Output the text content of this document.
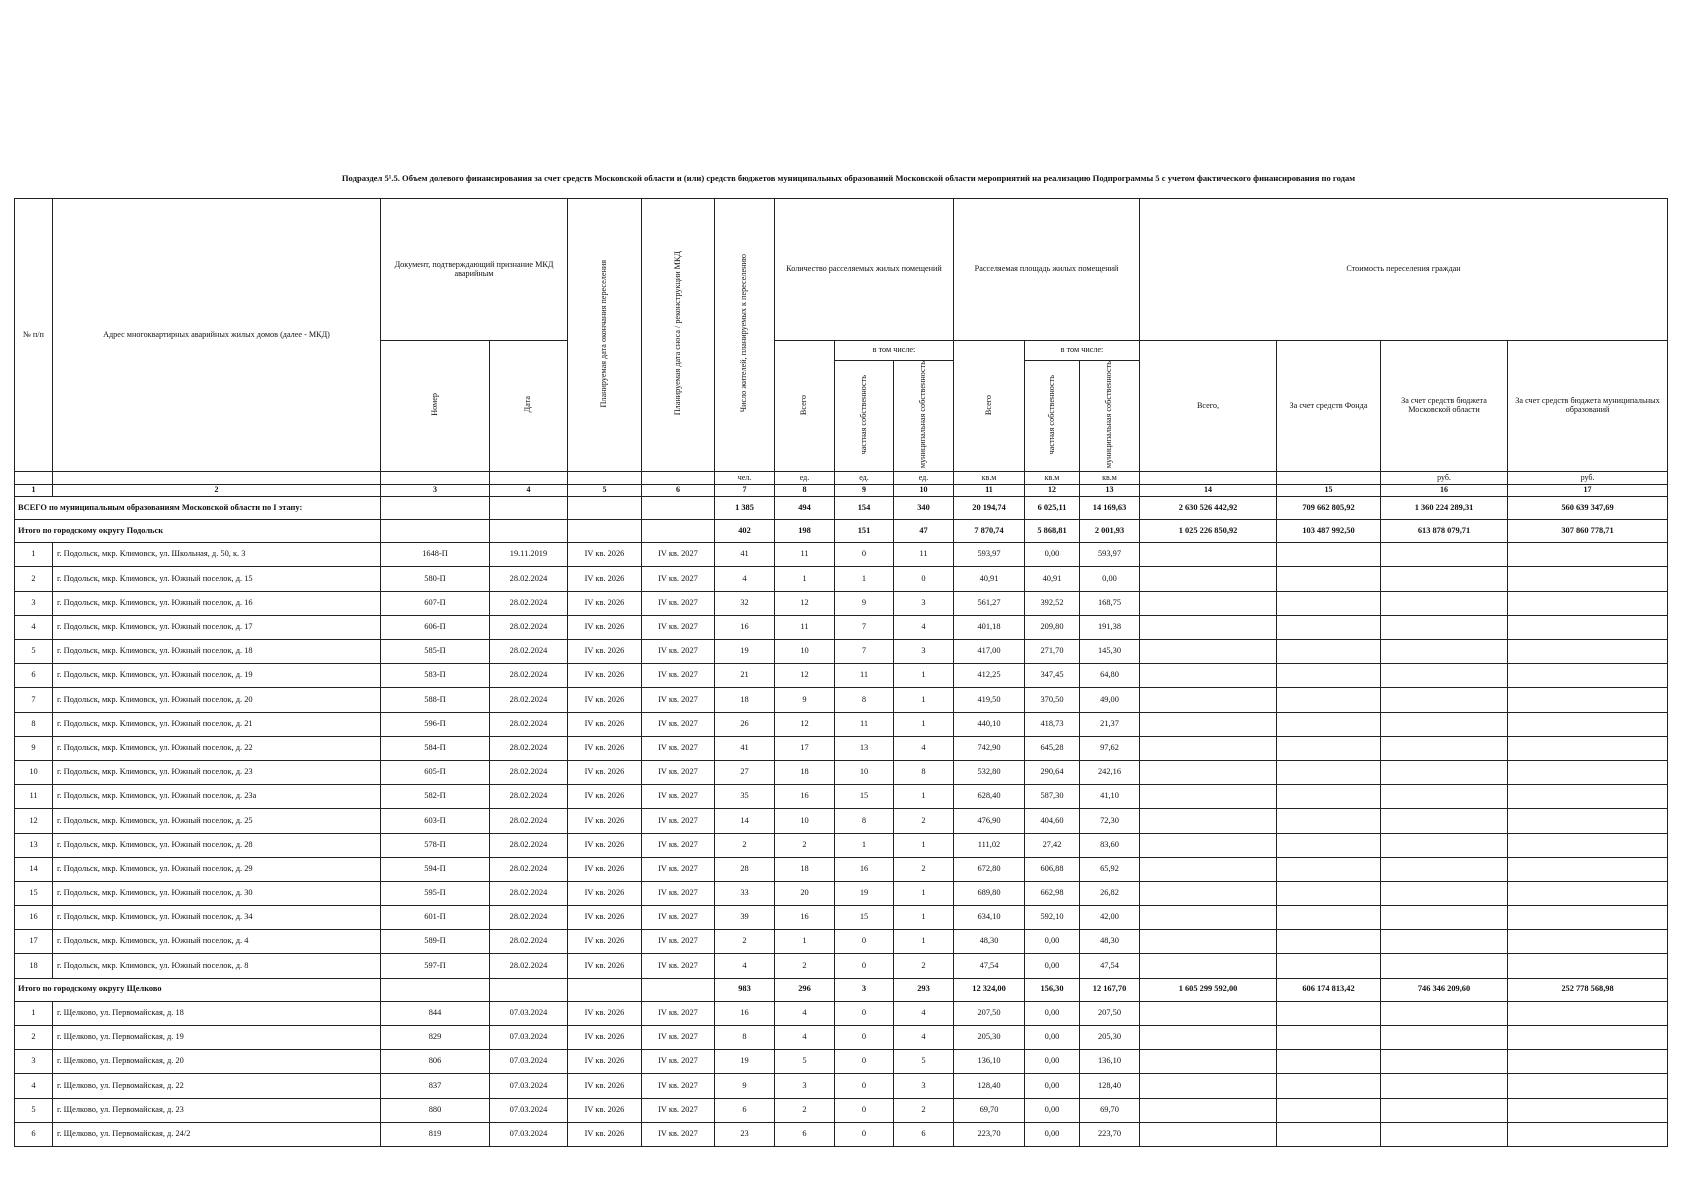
Подраздел 5¹.5. Объем долевого финансирования за счет средств Московской области и (или) средств бюджетов муниципальных образований Московской области мероприятий на реализацию Подпрограммы 5 с учетом фактического финансирования по годам
№ п/п	Адрес многоквартирных аварийных жилых домов (далее - МКД)	Документ, подтверждающий признание МКД аварийным		Планируемая дата окончания переселения	Планируемая дата сноса / реконструкции МКД	Число жителей, планируемых к переселению	Количество расселяемых жилых помещений			Расселяемая площадь жилых помещений			Стоимость переселения граждан			
		Номер	Дата				Всего	в том числе:		Всего	в том числе:		Всего,	За счет средств Фонда	За счет средств бюджета Московской области	За счет средств бюджета муниципальных образований
								частная собственность	муниципальная собственность		частная собственность	муниципальная собственность				
						чел.	ед.	ед.	ед.	кв.м	кв.м	кв.м			руб.	руб.
1	2	3	4	5	6	7	8	9	10	11	12	13	14	15	16	17
ВСЕГО по муниципальным образованиям Московской области по I этапу:						1 385	494	154	340	20 194,74	6 025,11	14 169,63	2 630 526 442,92	709 662 805,92	1 360 224 289,31	560 639 347,69
Итого по городскому округу Подольск						402	198	151	47	7 870,74	5 868,81	2 001,93	1 025 226 850,92	103 487 992,50	613 878 079,71	307 860 778,71
1	г. Подольск, мкр. Климовск, ул. Школьная, д. 50, к. 3	1648-П	19.11.2019	IV кв. 2026	IV кв. 2027	41	11	0	11	593,97	0,00	593,97				
2	г. Подольск, мкр. Климовск, ул. Южный поселок, д. 15	580-П	28.02.2024	IV кв. 2026	IV кв. 2027	4	1	1	0	40,91	40,91	0,00				
3	г. Подольск, мкр. Климовск, ул. Южный поселок, д. 16	607-П	28.02.2024	IV кв. 2026	IV кв. 2027	32	12	9	3	561,27	392,52	168,75				
4	г. Подольск, мкр. Климовск, ул. Южный поселок, д. 17	606-П	28.02.2024	IV кв. 2026	IV кв. 2027	16	11	7	4	401,18	209,80	191,38				
5	г. Подольск, мкр. Климовск, ул. Южный поселок, д. 18	585-П	28.02.2024	IV кв. 2026	IV кв. 2027	19	10	7	3	417,00	271,70	145,30				
6	г. Подольск, мкр. Климовск, ул. Южный поселок, д. 19	583-П	28.02.2024	IV кв. 2026	IV кв. 2027	21	12	11	1	412,25	347,45	64,80				
7	г. Подольск, мкр. Климовск, ул. Южный поселок, д. 20	588-П	28.02.2024	IV кв. 2026	IV кв. 2027	18	9	8	1	419,50	370,50	49,00				
8	г. Подольск, мкр. Климовск, ул. Южный поселок, д. 21	596-П	28.02.2024	IV кв. 2026	IV кв. 2027	26	12	11	1	440,10	418,73	21,37				
9	г. Подольск, мкр. Климовск, ул. Южный поселок, д. 22	584-П	28.02.2024	IV кв. 2026	IV кв. 2027	41	17	13	4	742,90	645,28	97,62				
10	г. Подольск, мкр. Климовск, ул. Южный поселок, д. 23	605-П	28.02.2024	IV кв. 2026	IV кв. 2027	27	18	10	8	532,80	290,64	242,16				
11	г. Подольск, мкр. Климовск, ул. Южный поселок, д. 23а	582-П	28.02.2024	IV кв. 2026	IV кв. 2027	35	16	15	1	628,40	587,30	41,10				
12	г. Подольск, мкр. Климовск, ул. Южный поселок, д. 25	603-П	28.02.2024	IV кв. 2026	IV кв. 2027	14	10	8	2	476,90	404,60	72,30				
13	г. Подольск, мкр. Климовск, ул. Южный поселок, д. 28	578-П	28.02.2024	IV кв. 2026	IV кв. 2027	2	2	1	1	111,02	27,42	83,60				
14	г. Подольск, мкр. Климовск, ул. Южный поселок, д. 29	594-П	28.02.2024	IV кв. 2026	IV кв. 2027	28	18	16	2	672,80	606,88	65,92				
15	г. Подольск, мкр. Климовск, ул. Южный поселок, д. 30	595-П	28.02.2024	IV кв. 2026	IV кв. 2027	33	20	19	1	689,80	662,98	26,82				
16	г. Подольск, мкр. Климовск, ул. Южный поселок, д. 34	601-П	28.02.2024	IV кв. 2026	IV кв. 2027	39	16	15	1	634,10	592,10	42,00				
17	г. Подольск, мкр. Климовск, ул. Южный поселок, д. 4	589-П	28.02.2024	IV кв. 2026	IV кв. 2027	2	1	0	1	48,30	0,00	48,30				
18	г. Подольск, мкр. Климовск, ул. Южный поселок, д. 8	597-П	28.02.2024	IV кв. 2026	IV кв. 2027	4	2	0	2	47,54	0,00	47,54				
Итого по городскому округу Щелково						983	296	3	293	12 324,00	156,30	12 167,70	1 605 299 592,00	606 174 813,42	746 346 209,60	252 778 568,98
1	г. Щелково, ул. Первомайская, д. 18	844	07.03.2024	IV кв. 2026	IV кв. 2027	16	4	0	4	207,50	0,00	207,50				
2	г. Щелково, ул. Первомайская, д. 19	829	07.03.2024	IV кв. 2026	IV кв. 2027	8	4	0	4	205,30	0,00	205,30				
3	г. Щелково, ул. Первомайская, д. 20	806	07.03.2024	IV кв. 2026	IV кв. 2027	19	5	0	5	136,10	0,00	136,10				
4	г. Щелково, ул. Первомайская, д. 22	837	07.03.2024	IV кв. 2026	IV кв. 2027	9	3	0	3	128,40	0,00	128,40				
5	г. Щелково, ул. Первомайская, д. 23	880	07.03.2024	IV кв. 2026	IV кв. 2027	6	2	0	2	69,70	0,00	69,70				
6	г. Щелково, ул. Первомайская, д. 24/2	819	07.03.2024	IV кв. 2026	IV кв. 2027	23	6	0	6	223,70	0,00	223,70				
